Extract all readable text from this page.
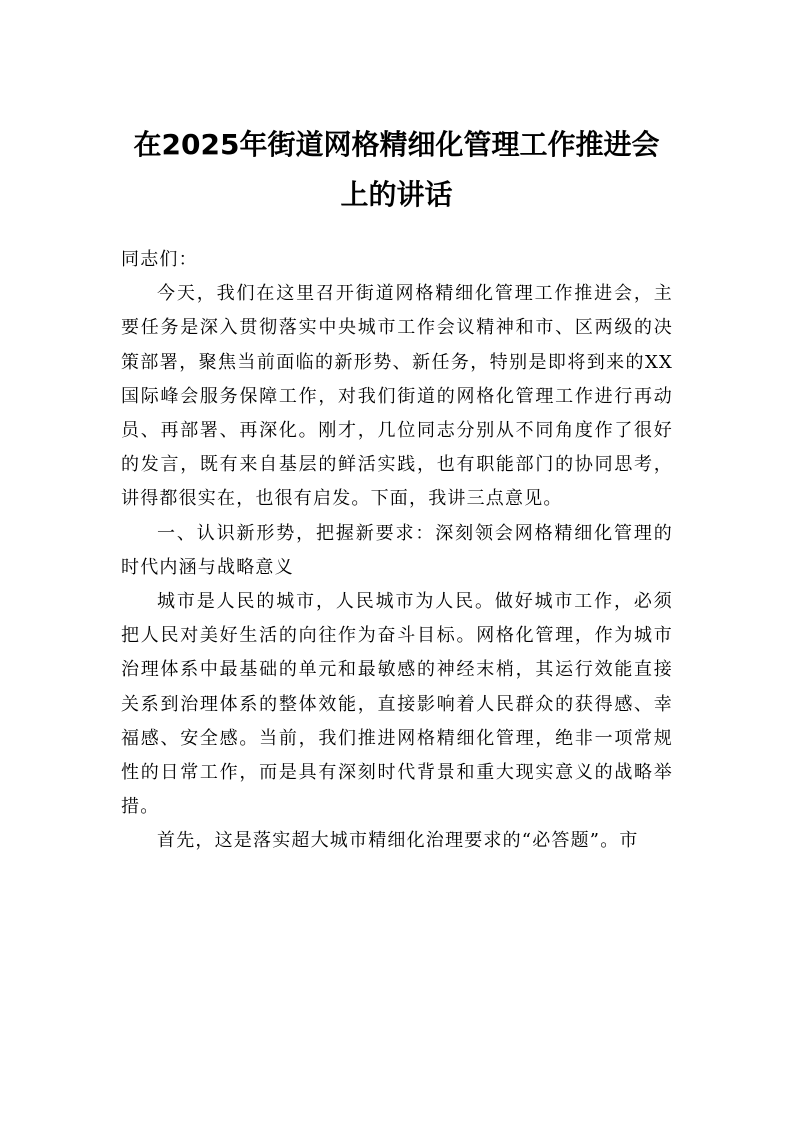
在2025年街道网格精细化管理工作推进会
上的讲话

同志们：

今天，我们在这里召开街道网格精细化管理工作推进会，主要任务是深入贯彻落实中央城市工作会议精神和市、区两级的决策部署，聚焦当前面临的新形势、新任务，特别是即将到来的XX国际峰会服务保障工作，对我们街道的网格化管理工作进行再动员、再部署、再深化。刚才，几位同志分别从不同角度作了很好的发言，既有来自基层的鲜活实践，也有职能部门的协同思考，讲得都很实在，也很有启发。下面，我讲三点意见。

一、认识新形势，把握新要求：深刻领会网格精细化管理的时代内涵与战略意义

城市是人民的城市，人民城市为人民。做好城市工作，必须把人民对美好生活的向往作为奋斗目标。网格化管理，作为城市治理体系中最基础的单元和最敏感的神经末梢，其运行效能直接关系到治理体系的整体效能，直接影响着人民群众的获得感、幸福感、安全感。当前，我们推进网格精细化管理，绝非一项常规性的日常工作，而是具有深刻时代背景和重大现实意义的战略举措。

首先，这是落实超大城市精细化治理要求的“必答题”。市
